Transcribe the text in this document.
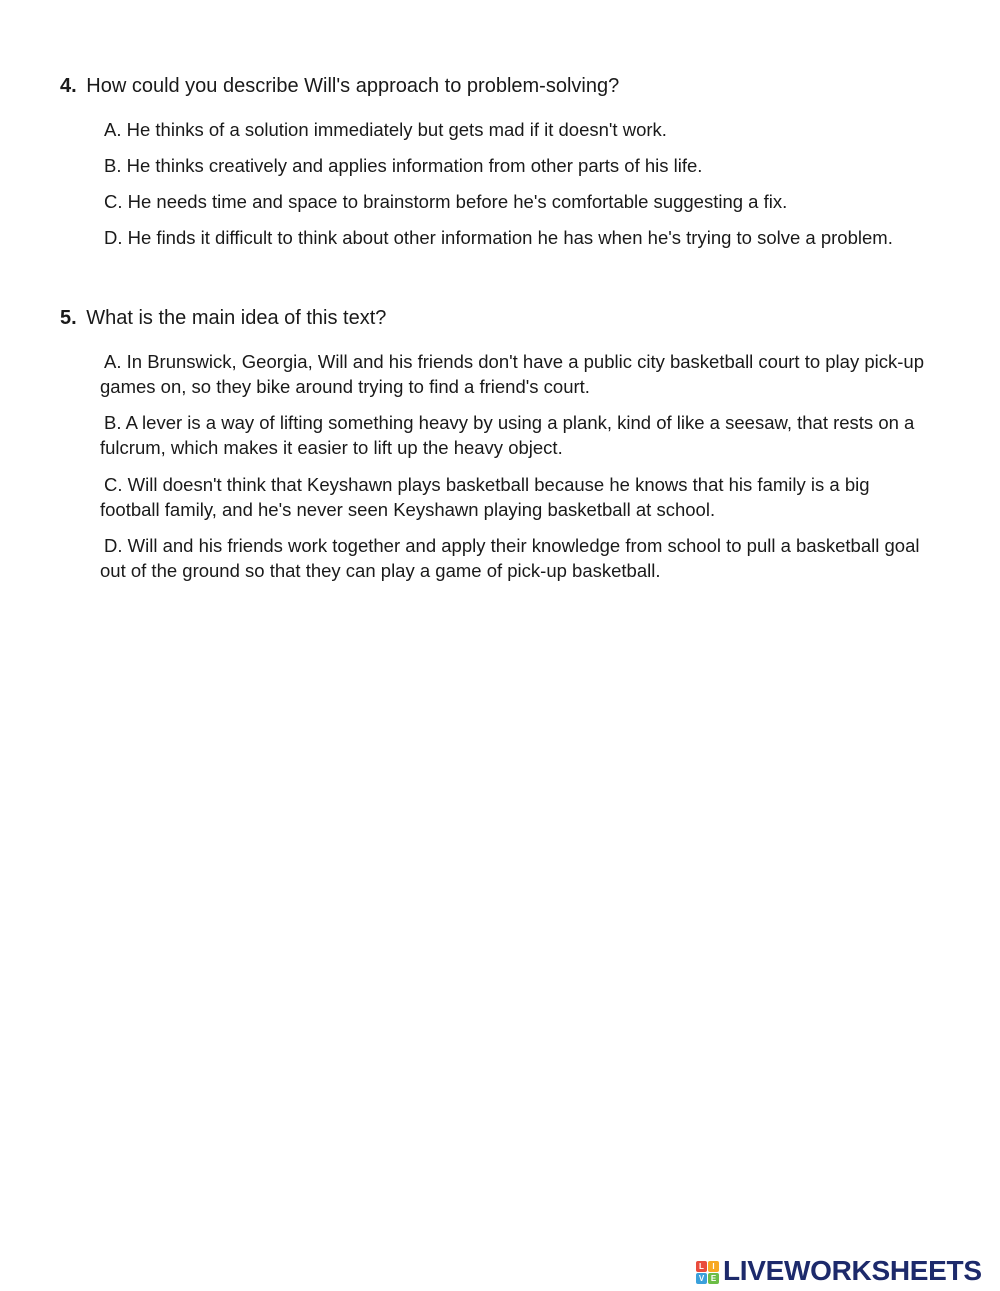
4. How could you describe Will's approach to problem-solving?
A. He thinks of a solution immediately but gets mad if it doesn't work.
B. He thinks creatively and applies information from other parts of his life.
C. He needs time and space to brainstorm before he's comfortable suggesting a fix.
D. He finds it difficult to think about other information he has when he's trying to solve a problem.
5. What is the main idea of this text?
A. In Brunswick, Georgia, Will and his friends don't have a public city basketball court to play pick-up games on, so they bike around trying to find a friend's court.
B. A lever is a way of lifting something heavy by using a plank, kind of like a seesaw, that rests on a fulcrum, which makes it easier to lift up the heavy object.
C. Will doesn't think that Keyshawn plays basketball because he knows that his family is a big football family, and he's never seen Keyshawn playing basketball at school.
D. Will and his friends work together and apply their knowledge from school to pull a basketball goal out of the ground so that they can play a game of pick-up basketball.
L	I
V E LIVEWORKSHEETS
